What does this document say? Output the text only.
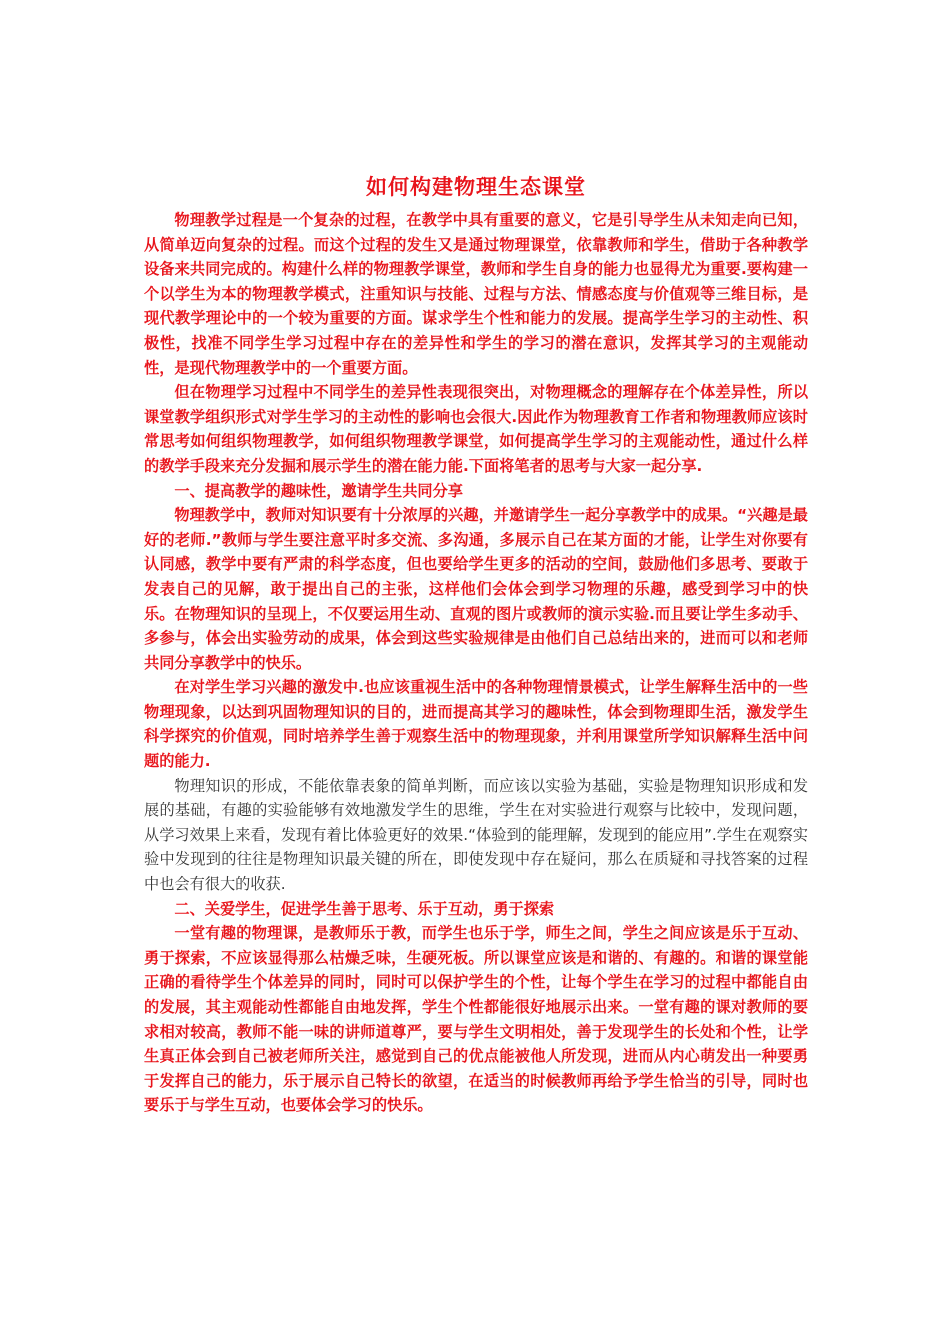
如何构建物理生态课堂

物理教学过程是一个复杂的过程，在教学中具有重要的意义，它是引导学生从未知走向已知，从简单迈向复杂的过程。而这个过程的发生又是通过物理课堂，依靠教师和学生，借助于各种教学设备来共同完成的。构建什么样的物理教学课堂，教师和学生自身的能力也显得尤为重要.要构建一个以学生为本的物理教学模式，注重知识与技能、过程与方法、情感态度与价值观等三维目标，是现代教学理论中的一个较为重要的方面。谋求学生个性和能力的发展。提高学生学习的主动性、积极性，找准不同学生学习过程中存在的差异性和学生的学习的潜在意识，发挥其学习的主观能动性，是现代物理教学中的一个重要方面。

但在物理学习过程中不同学生的差异性表现很突出，对物理概念的理解存在个体差异性，所以课堂教学组织形式对学生学习的主动性的影响也会很大.因此作为物理教育工作者和物理教师应该时常思考如何组织物理教学，如何组织物理教学课堂，如何提高学生学习的主观能动性，通过什么样的教学手段来充分发掘和展示学生的潜在能力能.下面将笔者的思考与大家一起分享.

一、提高教学的趣味性，邀请学生共同分享

物理教学中，教师对知识要有十分浓厚的兴趣，并邀请学生一起分享教学中的成果。“兴趣是最好的老师.”教师与学生要注意平时多交流、多沟通，多展示自己在某方面的才能，让学生对你要有认同感，教学中要有严肃的科学态度，但也要给学生更多的活动的空间，鼓励他们多思考、要敢于发表自己的见解，敢于提出自己的主张，这样他们会体会到学习物理的乐趣，感受到学习中的快乐。在物理知识的呈现上，不仅要运用生动、直观的图片或教师的演示实验.而且要让学生多动手、多参与，体会出实验劳动的成果，体会到这些实验规律是由他们自己总结出来的，进而可以和老师共同分享教学中的快乐。

在对学生学习兴趣的激发中.也应该重视生活中的各种物理情景模式，让学生解释生活中的一些物理现象，以达到巩固物理知识的目的，进而提高其学习的趣味性，体会到物理即生活，激发学生科学探究的价值观，同时培养学生善于观察生活中的物理现象，并利用课堂所学知识解释生活中问题的能力.

物理知识的形成，不能依靠表象的简单判断，而应该以实验为基础，实验是物理知识形成和发展的基础，有趣的实验能够有效地激发学生的思维，学生在对实验进行观察与比较中，发现问题，从学习效果上来看，发现有着比体验更好的效果.“体验到的能理解，发现到的能应用”.学生在观察实验中发现到的往往是物理知识最关键的所在，即使发现中存在疑问，那么在质疑和寻找答案的过程中也会有很大的收获.

二、关爱学生，促进学生善于思考、乐于互动，勇于探索

一堂有趣的物理课，是教师乐于教，而学生也乐于学，师生之间，学生之间应该是乐于互动、勇于探索，不应该显得那么枯燥乏味，生硬死板。所以课堂应该是和谐的、有趣的。和谐的课堂能正确的看待学生个体差异的同时，同时可以保护学生的个性，让每个学生在学习的过程中都能自由的发展，其主观能动性都能自由地发挥，学生个性都能很好地展示出来。一堂有趣的课对教师的要求相对较高，教师不能一味的讲师道尊严，要与学生文明相处，善于发现学生的长处和个性，让学生真正体会到自己被老师所关注，感觉到自己的优点能被他人所发现，进而从内心萌发出一种要勇于发挥自己的能力，乐于展示自己特长的欲望，在适当的时候教师再给予学生恰当的引导，同时也要乐于与学生互动，也要体会学习的快乐。
